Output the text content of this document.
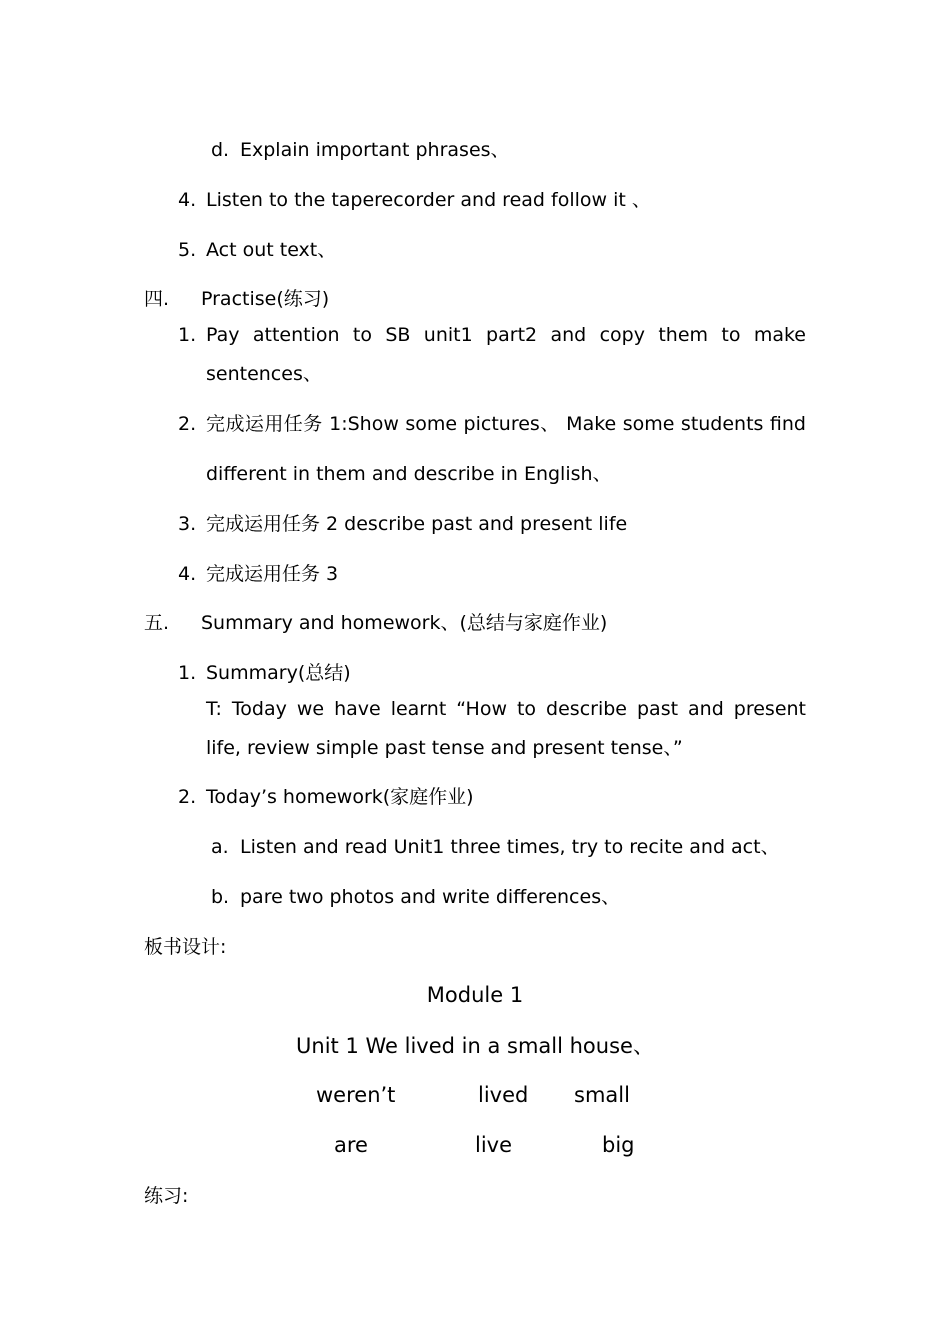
d. Explain important phrases、
4. Listen to the taperecorder and read follow it 、
5. Act out text、
四. Practise(练习)
1. Pay attention to SB unit1 part2 and copy them to make
sentences、
2. 完成运用任务 1:Show some pictures、 Make some students find
different in them and describe in English、
3. 完成运用任务 2 describe past and present life
4. 完成运用任务 3
五. Summary and homework、(总结与家庭作业)
1. Summary(总结)
T: Today we have learnt “How to describe past and present
life, review simple past tense and present tense、”
2. Today’s homework(家庭作业)
a. Listen and read Unit1 three times, try to recite and act、
b. pare two photos and write differences、
板书设计:
Module 1
Unit 1 We lived in a small house、
weren’t	lived small
are	live	big
练习:
